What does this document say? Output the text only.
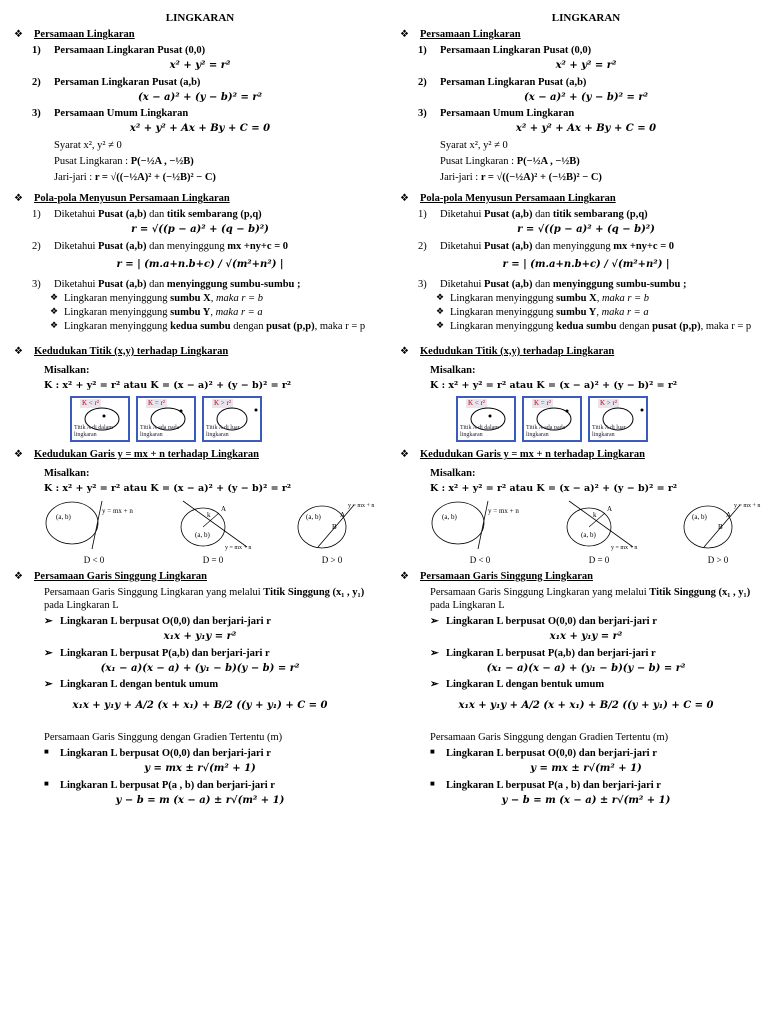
LINGKARAN
❖	Persamaan Lingkaran
1)	Persamaan Lingkaran Pusat (0,0)
x² + y² = r²
2)	Persaman Lingkaran Pusat (a,b)
(x − a)² + (y − b)² = r²
3)	Persamaan Umum Lingkaran
x² + y² + Ax + By + C = 0
Syarat x², y² ≠ 0
Pusat Lingkaran : P(−½A , −½B)
Jari-jari : r = √((−½A)² + (−½B)² − C)
❖	Pola-pola Menyusun Persamaan Lingkaran
1)	Diketahui Pusat (a,b) dan titik sembarang (p,q)
r = √((p − a)² + (q − b)²)
2)	Diketahui Pusat (a,b) dan menyinggung mx +ny+c = 0
r = | (m.a+n.b+c) / √(m²+n²) |
3)	Diketahui Pusat (a,b) dan menyinggung sumbu-sumbu ;
❖ Lingkaran menyinggung sumbu X, maka r = b
❖ Lingkaran menyinggung sumbu Y, maka r = a
❖ Lingkaran menyinggung kedua sumbu dengan pusat (p,p), maka r = p
❖	Kedudukan Titik (x,y) terhadap Lingkaran
Misalkan:
K : x² + y² = r² atau K = (x − a)² + (y − b)² = r²
K < r²
Titik A di dalam lingkaran
K = r²
Titik A ada pada lingkaran
K > r²
Titik A di luar lingkaran
❖	Kedudukan Garis y = mx + n terhadap Lingkaran
Misalkan:
K : x² + y² = r² atau K = (x − a)² + (y − b)² = r²
(a, b)
y = mx + n
D < 0
(a, b)
A
k
y = mx + n
D = 0
(a, b)	A
B
y = mx + n
D > 0
❖	Persamaan Garis Singgung Lingkaran
Persamaan Garis Singgung Lingkaran yang melalui Titik Singgung (x₁ , y₁) pada Lingkaran L
➢ Lingkaran L berpusat O(0,0) dan berjari-jari r
x₁x + y₁y = r²
➢ Lingkaran L berpusat P(a,b) dan berjari-jari r
(x₁ − a)(x − a) + (y₁ − b)(y − b) = r²
➢ Lingkaran L dengan bentuk umum
x₁x + y₁y + A/2 (x + x₁) + B/2 ((y + y₁) + C = 0
Persamaan Garis Singgung dengan Gradien Tertentu (m)
■	Lingkaran L berpusat O(0,0) dan berjari-jari r
y = mx ± r√(m² + 1)
■	Lingkaran L berpusat P(a , b) dan berjari-jari r
y − b = m (x − a) ± r√(m² + 1)
LINGKARAN
❖	Persamaan Lingkaran
1)	Persamaan Lingkaran Pusat (0,0)
x² + y² = r²
2)	Persaman Lingkaran Pusat (a,b)
(x − a)² + (y − b)² = r²
3)	Persamaan Umum Lingkaran
x² + y² + Ax + By + C = 0
Syarat x², y² ≠ 0
Pusat Lingkaran : P(−½A , −½B)
Jari-jari : r = √((−½A)² + (−½B)² − C)
❖	Pola-pola Menyusun Persamaan Lingkaran
1)	Diketahui Pusat (a,b) dan titik sembarang (p,q)
r = √((p − a)² + (q − b)²)
2)	Diketahui Pusat (a,b) dan menyinggung mx +ny+c = 0
r = | (m.a+n.b+c) / √(m²+n²) |
3)	Diketahui Pusat (a,b) dan menyinggung sumbu-sumbu ;
❖ Lingkaran menyinggung sumbu X, maka r = b
❖ Lingkaran menyinggung sumbu Y, maka r = a
❖ Lingkaran menyinggung kedua sumbu dengan pusat (p,p), maka r = p
❖	Kedudukan Titik (x,y) terhadap Lingkaran
Misalkan:
K : x² + y² = r² atau K = (x − a)² + (y − b)² = r²
K < r²
Titik A di dalam lingkaran
K = r²
Titik A ada pada lingkaran
K > r²
Titik A di luar lingkaran
❖	Kedudukan Garis y = mx + n terhadap Lingkaran
Misalkan:
K : x² + y² = r² atau K = (x − a)² + (y − b)² = r²
(a, b)
y = mx + n
D < 0
(a, b)
A
k
y = mx + n
D = 0
(a, b)	A
B
y = mx + n
D > 0
❖	Persamaan Garis Singgung Lingkaran
Persamaan Garis Singgung Lingkaran yang melalui Titik Singgung (x₁ , y₁) pada Lingkaran L
➢ Lingkaran L berpusat O(0,0) dan berjari-jari r
x₁x + y₁y = r²
➢ Lingkaran L berpusat P(a,b) dan berjari-jari r
(x₁ − a)(x − a) + (y₁ − b)(y − b) = r²
➢ Lingkaran L dengan bentuk umum
x₁x + y₁y + A/2 (x + x₁) + B/2 ((y + y₁) + C = 0
Persamaan Garis Singgung dengan Gradien Tertentu (m)
■	Lingkaran L berpusat O(0,0) dan berjari-jari r
y = mx ± r√(m² + 1)
■	Lingkaran L berpusat P(a , b) dan berjari-jari r
y − b = m (x − a) ± r√(m² + 1)
